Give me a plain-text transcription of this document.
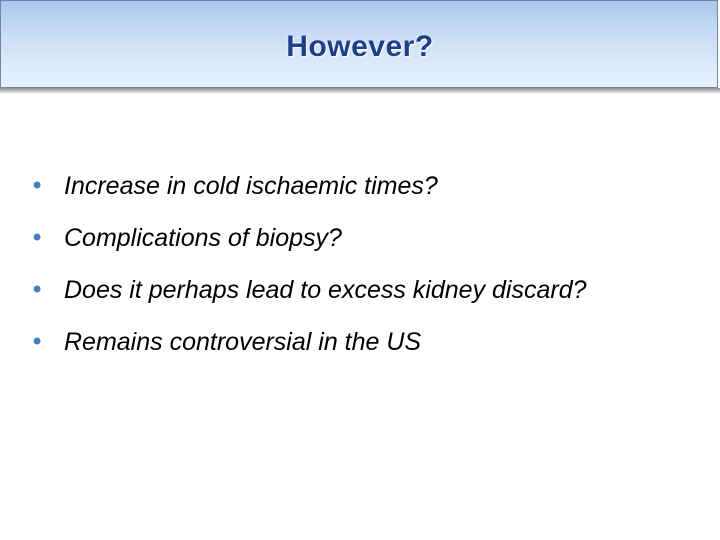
However?
• Increase in cold ischaemic times?
• Complications of biopsy?
• Does it perhaps lead to excess kidney discard?
• Remains controversial in the US
